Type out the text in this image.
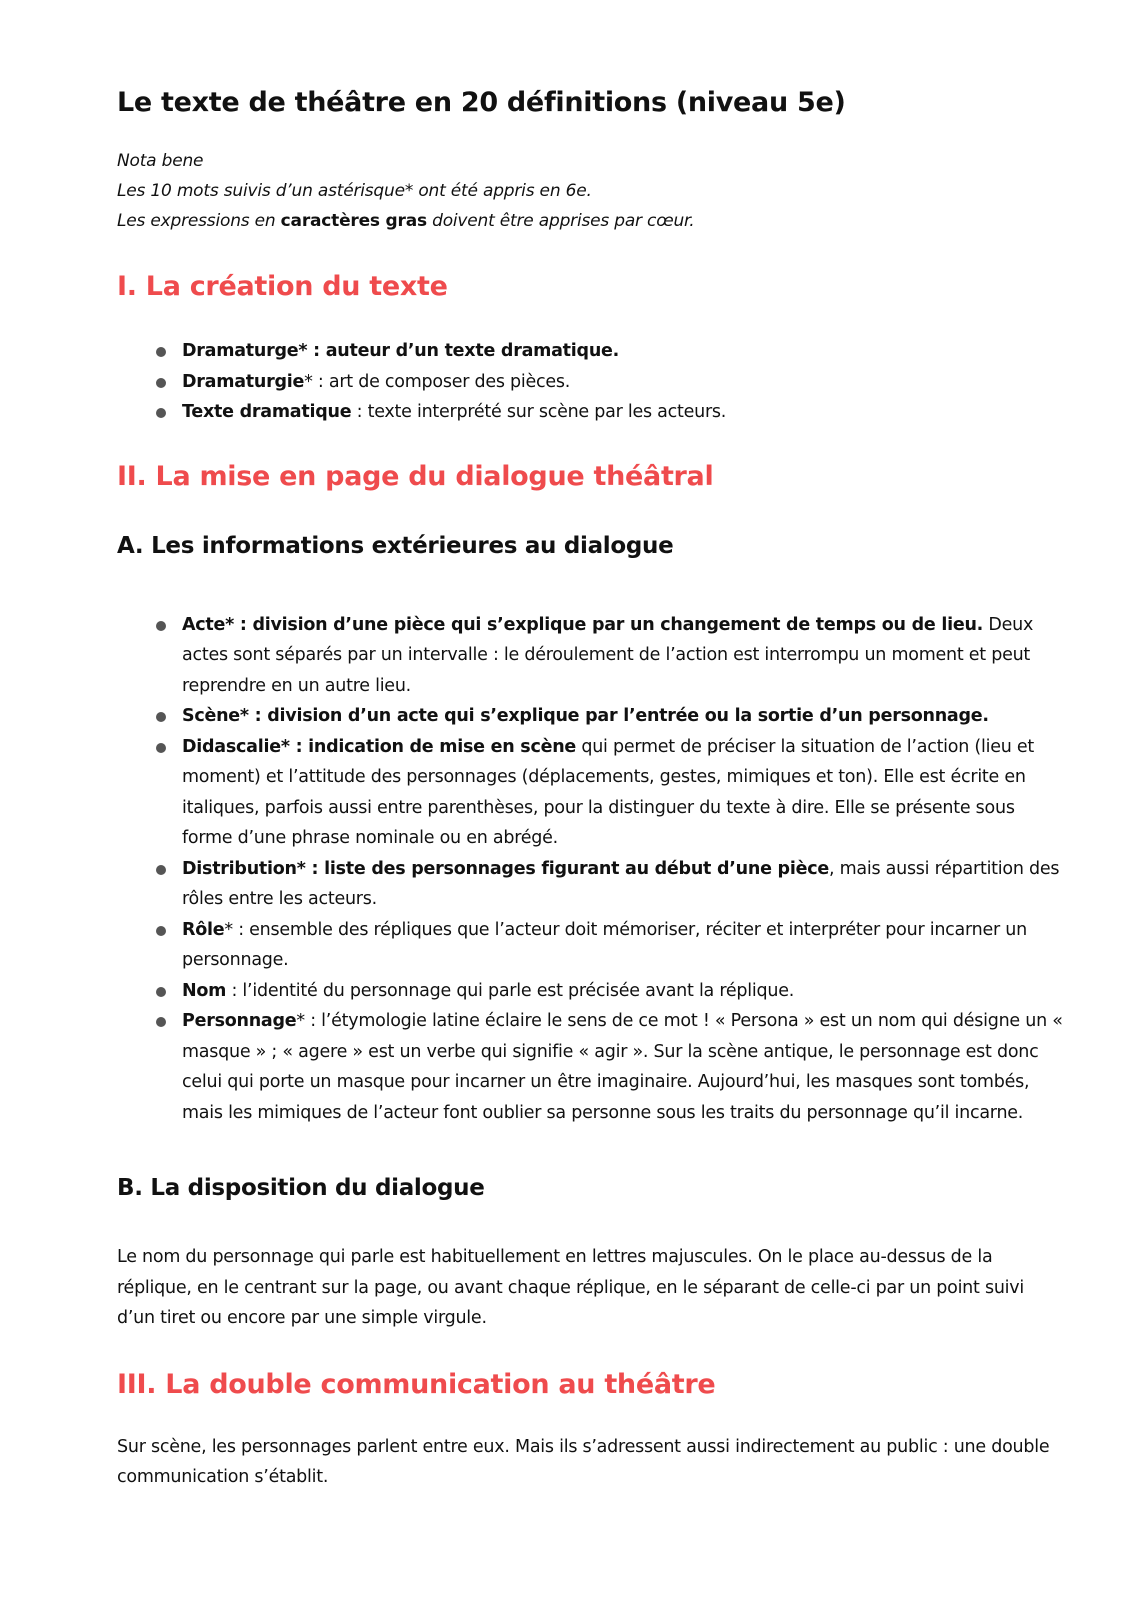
Le texte de théâtre en 20 définitions (niveau 5e)

Nota bene

Les 10 mots suivis d’un astérisque* ont été appris en 6e.

Les expressions en caractères gras doivent être apprises par cœur.

I. La création du texte
Dramaturge* : auteur d’un texte dramatique.
Dramaturgie* : art de composer des pièces.
Texte dramatique : texte interprété sur scène par les acteurs.
II. La mise en page du dialogue théâtral
A. Les informations extérieures au dialogue
Acte* : division d’une pièce qui s’explique par un changement de temps ou de lieu. Deux actes sont séparés par un intervalle : le déroulement de l’action est interrompu un moment et peut reprendre en un autre lieu.
Scène* : division d’un acte qui s’explique par l’entrée ou la sortie d’un personnage.
Didascalie* : indication de mise en scène qui permet de préciser la situation de l’action (lieu et moment) et l’attitude des personnages (déplacements, gestes, mimiques et ton). Elle est écrite en italiques, parfois aussi entre parenthèses, pour la distinguer du texte à dire. Elle se présente sous forme d’une phrase nominale ou en abrégé.
Distribution* : liste des personnages figurant au début d’une pièce, mais aussi répartition des rôles entre les acteurs.
Rôle* : ensemble des répliques que l’acteur doit mémoriser, réciter et interpréter pour incarner un personnage.
Nom : l’identité du personnage qui parle est précisée avant la réplique.
Personnage* : l’étymologie latine éclaire le sens de ce mot ! « Persona » est un nom qui désigne un « masque » ; « agere » est un verbe qui signifie « agir ». Sur la scène antique, le personnage est donc celui qui porte un masque pour incarner un être imaginaire. Aujourd’hui, les masques sont tombés, mais les mimiques de l’acteur font oublier sa personne sous les traits du personnage qu’il incarne.
B. La disposition du dialogue

Le nom du personnage qui parle est habituellement en lettres majuscules. On le place au-dessus de la réplique, en le centrant sur la page, ou avant chaque réplique, en le séparant de celle-ci par un point suivi d’un tiret ou encore par une simple virgule.

III. La double communication au théâtre

Sur scène, les personnages parlent entre eux. Mais ils s’adressent aussi indirectement au public : une double communication s’établit.
